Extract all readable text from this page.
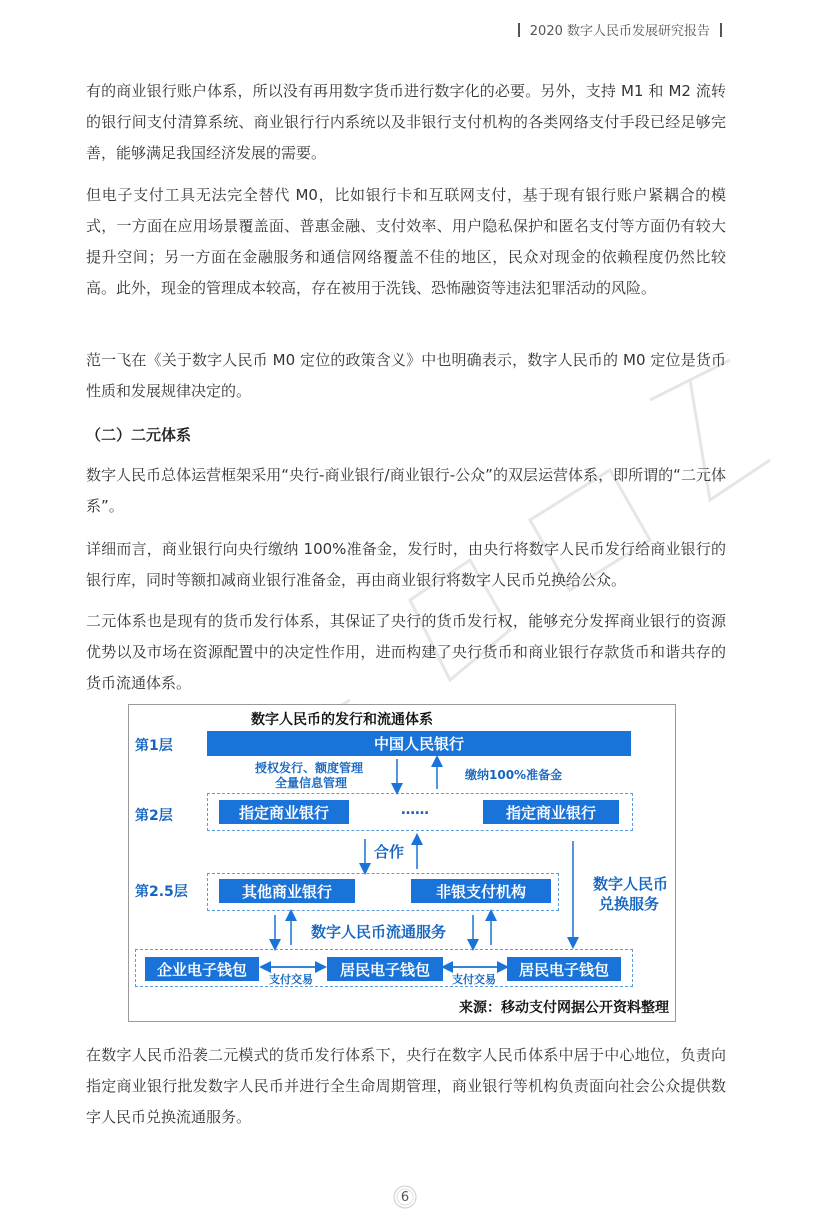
2020 数字人民币发展研究报告

有的商业银行账户体系，所以没有再用数字货币进行数字化的必要。另外，支持 M1 和 M2 流转的银行间支付清算系统、商业银行行内系统以及非银行支付机构的各类网络支付手段已经足够完善，能够满足我国经济发展的需要。

但电子支付工具无法完全替代 M0，比如银行卡和互联网支付，基于现有银行账户紧耦合的模式，一方面在应用场景覆盖面、普惠金融、支付效率、用户隐私保护和匿名支付等方面仍有较大提升空间；另一方面在金融服务和通信网络覆盖不佳的地区，民众对现金的依赖程度仍然比较高。此外，现金的管理成本较高，存在被用于洗钱、恐怖融资等违法犯罪活动的风险。

范一飞在《关于数字人民币 M0 定位的政策含义》中也明确表示，数字人民币的 M0 定位是货币性质和发展规律决定的。

（二）二元体系

数字人民币总体运营框架采用“央行-商业银行/商业银行-公众”的双层运营体系，即所谓的“二元体系”。

详细而言，商业银行向央行缴纳 100%准备金，发行时，由央行将数字人民币发行给商业银行的银行库，同时等额扣减商业银行准备金，再由商业银行将数字人民币兑换给公众。

二元体系也是现有的货币发行体系，其保证了央行的货币发行权，能够充分发挥商业银行的资源优势以及市场在资源配置中的决定性作用，进而构建了央行货币和商业银行存款货币和谐共存的货币流通体系。

数字人民币的发行和流通体系
第1层
第2层
第2.5层
中国人民银行
授权发行、额度管理
全量信息管理
缴纳100%准备金
指定商业银行	……	指定商业银行
合作
其他商业银行	非银支付机构	数字人民币
兑换服务
数字人民币流通服务
企业电子钱包	居民电子钱包	居民电子钱包
支付交易	支付交易
来源：移动支付网据公开资料整理

在数字人民币沿袭二元模式的货币发行体系下，央行在数字人民币体系中居于中心地位，负责向指定商业银行批发数字人民币并进行全生命周期管理，商业银行等机构负责面向社会公众提供数字人民币兑换流通服务。

6
